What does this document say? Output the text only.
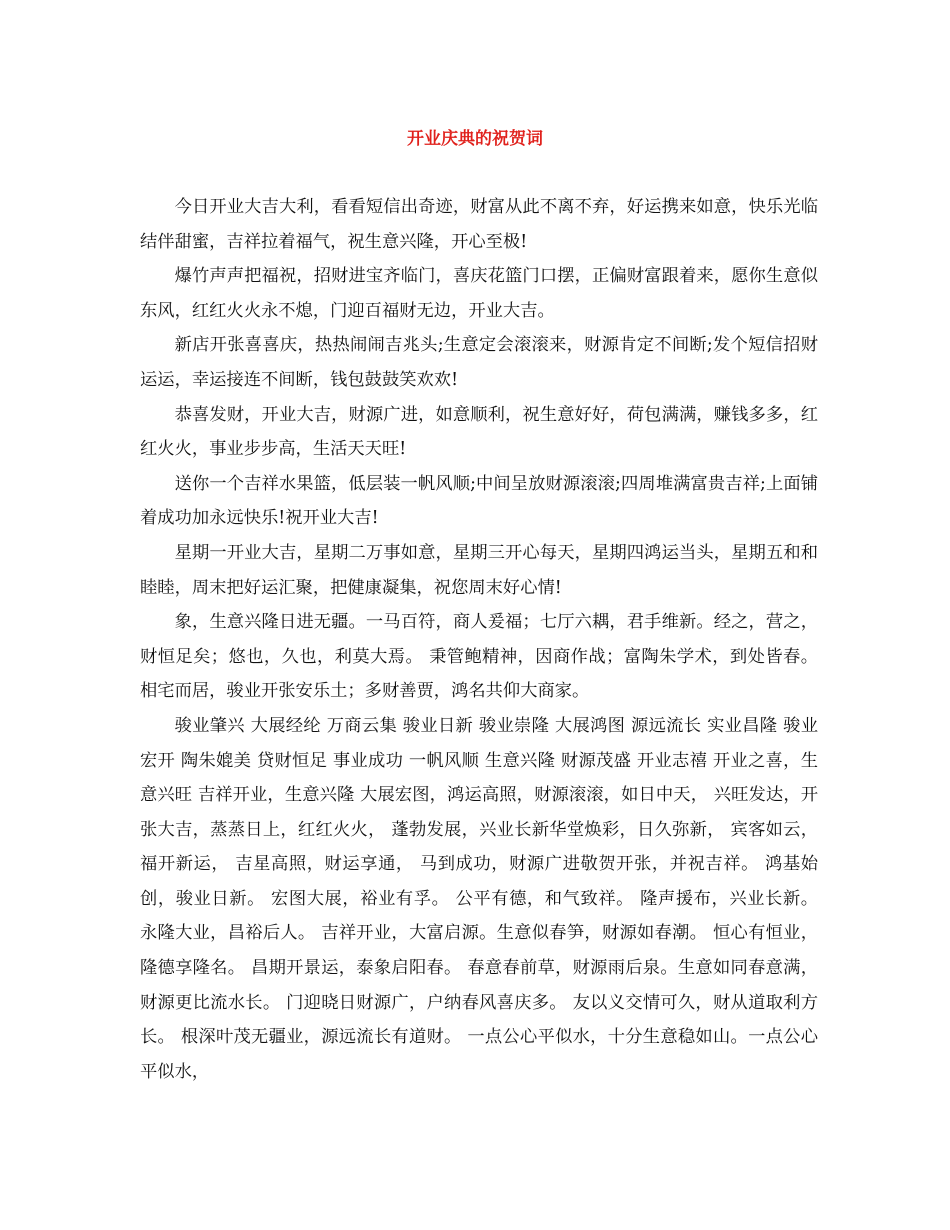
开业庆典的祝贺词

今日开业大吉大利，看看短信出奇迹，财富从此不离不弃，好运携来如意，快乐光临结伴甜蜜，吉祥拉着福气，祝生意兴隆，开心至极!

爆竹声声把福祝，招财进宝齐临门，喜庆花篮门口摆，正偏财富跟着来，愿你生意似东风，红红火火永不熄，门迎百福财无边，开业大吉。

新店开张喜喜庆，热热闹闹吉兆头;生意定会滚滚来，财源肯定不间断;发个短信招财运运，幸运接连不间断，钱包鼓鼓笑欢欢!

恭喜发财，开业大吉，财源广进，如意顺利，祝生意好好，荷包满满，赚钱多多，红红火火，事业步步高，生活天天旺!

送你一个吉祥水果篮，低层装一帆风顺;中间呈放财源滚滚;四周堆满富贵吉祥;上面铺着成功加永远快乐!祝开业大吉!

星期一开业大吉，星期二万事如意，星期三开心每天，星期四鸿运当头，星期五和和睦睦，周末把好运汇聚，把健康凝集，祝您周末好心情!

象，生意兴隆日进无疆。一马百符，商人爰福；七厅六耦，君手维新。经之，营之，财恒足矣；悠也，久也，利莫大焉。 秉管鲍精神，因商作战；富陶朱学术，到处皆春。相宅而居，骏业开张安乐土；多财善贾，鸿名共仰大商家。

骏业肇兴 大展经纶 万商云集 骏业日新 骏业崇隆 大展鸿图 源远流长 实业昌隆 骏业宏开 陶朱媲美 贷财恒足 事业成功 一帆风顺 生意兴隆 财源茂盛 开业志禧 开业之喜，生意兴旺 吉祥开业，生意兴隆 大展宏图，鸿运高照，财源滚滚，如日中天， 兴旺发达，开张大吉，蒸蒸日上，红红火火， 蓬勃发展，兴业长新华堂焕彩，日久弥新， 宾客如云，福开新运， 吉星高照，财运享通， 马到成功，财源广进敬贺开张，并祝吉祥。 鸿基始创，骏业日新。 宏图大展，裕业有孚。 公平有德，和气致祥。 隆声援布，兴业长新。 永隆大业，昌裕后人。 吉祥开业，大富启源。生意似春笋，财源如春潮。 恒心有恒业，隆德享隆名。 昌期开景运，泰象启阳春。 春意春前草，财源雨后泉。生意如同春意满，财源更比流水长。 门迎晓日财源广，户纳春风喜庆多。 友以义交情可久，财从道取利方长。 根深叶茂无疆业，源远流长有道财。 一点公心平似水，十分生意稳如山。一点公心平似水，
